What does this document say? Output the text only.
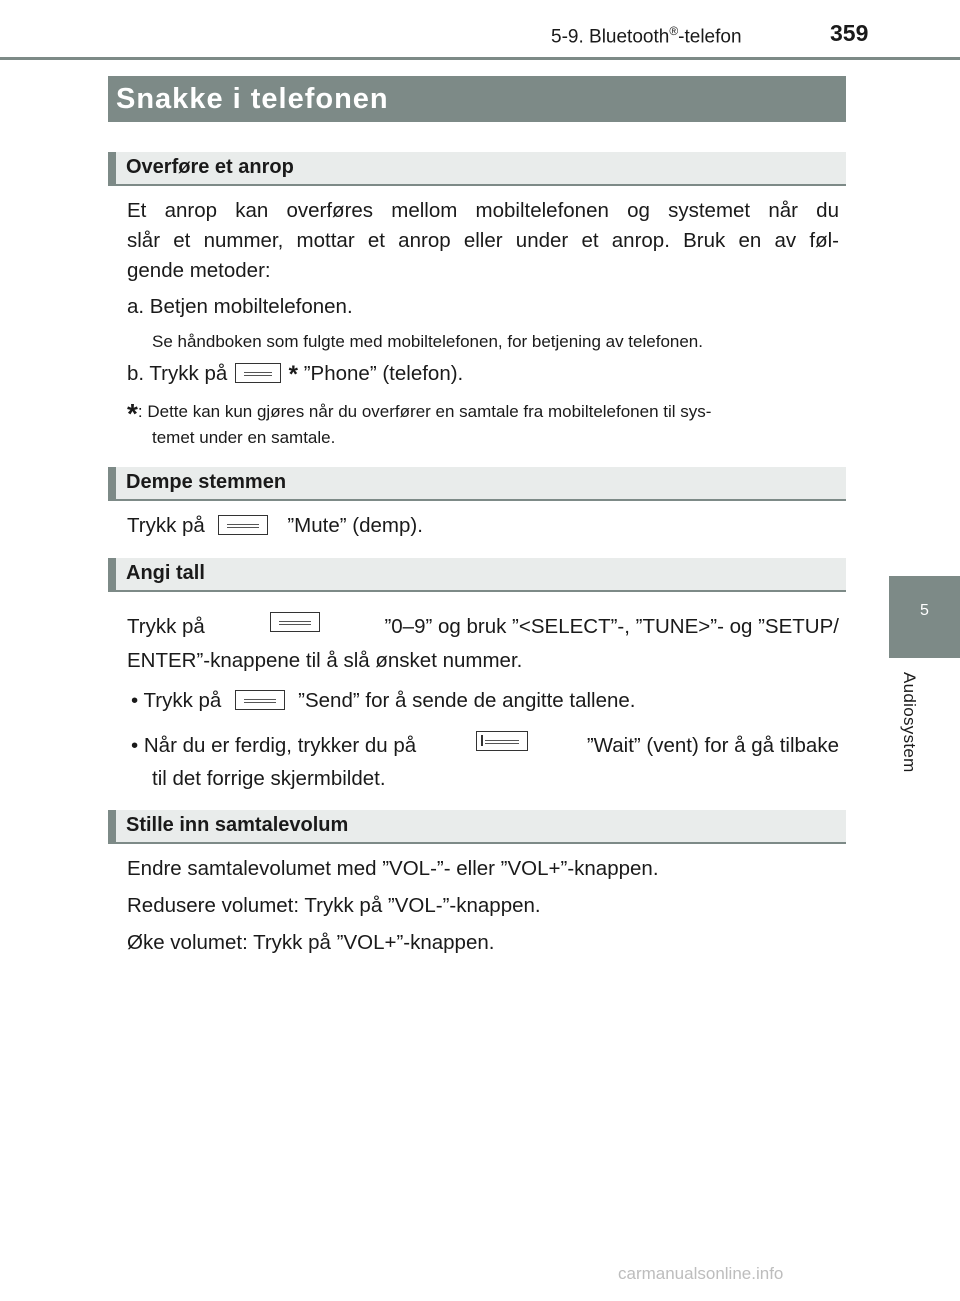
5-9. Bluetooth®-telefon	359
5
Audiosystem
Snakke i telefonen
Overføre et anrop
Et anrop kan overføres mellom mobiltelefonen og systemet når du
slår et nummer, mottar et anrop eller under et anrop. Bruk en av føl-
gende metoder:
a. Betjen mobiltelefonen.
Se håndboken som fulgte med mobiltelefonen, for betjening av telefonen.
b. Trykk på	* ”Phone” (telefon).
*: Dette kan kun gjøres når du overfører en samtale fra mobiltelefonen til sys-
temet under en samtale.
Dempe stemmen
Trykk på	”Mute” (demp).
Angi tall
Trykk på	”0–9” og bruk ”<SELECT”-, ”TUNE>”- og ”SETUP/
ENTER”-knappene til å slå ønsket nummer.
• Trykk på	”Send” for å sende de angitte tallene.
• Når du er ferdig, trykker du på	”Wait” (vent) for å gå tilbake
til det forrige skjermbildet.
Stille inn samtalevolum
Endre samtalevolumet med ”VOL-”- eller ”VOL+”-knappen.
Redusere volumet: Trykk på ”VOL-”-knappen.
Øke volumet: Trykk på ”VOL+”-knappen.
carmanualsonline.info
